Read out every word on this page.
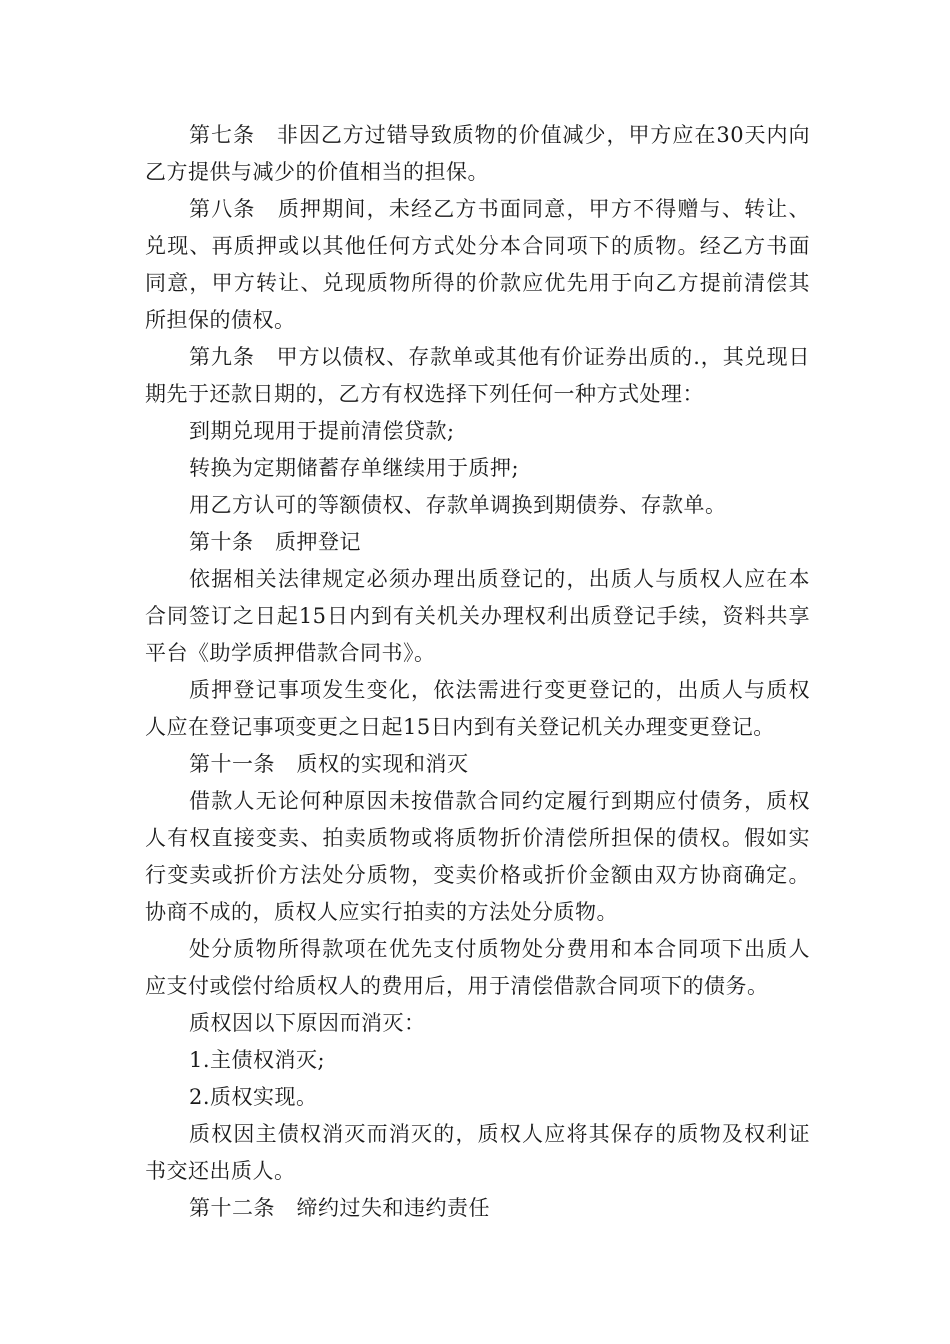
第七条　非因乙方过错导致质物的价值减少，甲方应在30天内向乙方提供与减少的价值相当的担保。

第八条　质押期间，未经乙方书面同意，甲方不得赠与、转让、兑现、再质押或以其他任何方式处分本合同项下的质物。经乙方书面同意，甲方转让、兑现质物所得的价款应优先用于向乙方提前清偿其所担保的债权。

第九条　甲方以债权、存款单或其他有价证券出质的.，其兑现日期先于还款日期的，乙方有权选择下列任何一种方式处理：

到期兑现用于提前清偿贷款;

转换为定期储蓄存单继续用于质押;

用乙方认可的等额债权、存款单调换到期债券、存款单。

第十条　质押登记

依据相关法律规定必须办理出质登记的，出质人与质权人应在本合同签订之日起15日内到有关机关办理权利出质登记手续，资料共享平台《助学质押借款合同书》。

质押登记事项发生变化，依法需进行变更登记的，出质人与质权人应在登记事项变更之日起15日内到有关登记机关办理变更登记。

第十一条　质权的实现和消灭

借款人无论何种原因未按借款合同约定履行到期应付债务，质权人有权直接变卖、拍卖质物或将质物折价清偿所担保的债权。假如实行变卖或折价方法处分质物，变卖价格或折价金额由双方协商确定。协商不成的，质权人应实行拍卖的方法处分质物。

处分质物所得款项在优先支付质物处分费用和本合同项下出质人应支付或偿付给质权人的费用后，用于清偿借款合同项下的债务。

质权因以下原因而消灭：

1.主债权消灭;

2.质权实现。

质权因主债权消灭而消灭的，质权人应将其保存的质物及权利证书交还出质人。

第十二条　缔约过失和违约责任
